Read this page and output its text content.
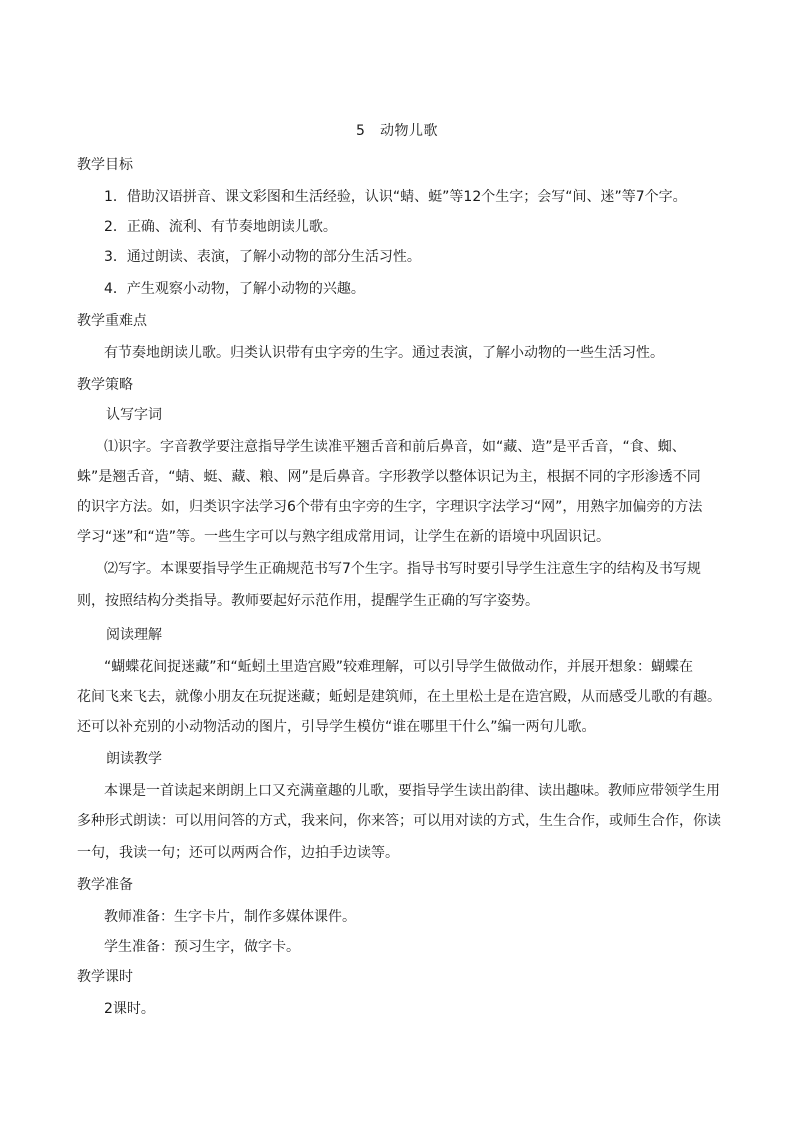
5　动物儿歌
教学目标
1．借助汉语拼音、课文彩图和生活经验，认识“蜻、蜓”等12个生字；会写“间、迷”等7个字。
2．正确、流利、有节奏地朗读儿歌。
3．通过朗读、表演，了解小动物的部分生活习性。
4．产生观察小动物，了解小动物的兴趣。
教学重难点
有节奏地朗读儿歌。归类认识带有虫字旁的生字。通过表演，了解小动物的一些生活习性。
教学策略
认写字词
⑴识字。字音教学要注意指导学生读准平翘舌音和前后鼻音，如“藏、造”是平舌音，“食、蜘、
蛛”是翘舌音，“蜻、蜓、藏、粮、网”是后鼻音。字形教学以整体识记为主，根据不同的字形渗透不同
的识字方法。如，归类识字法学习6个带有虫字旁的生字，字理识字法学习“网”，用熟字加偏旁的方法
学习“迷”和“造”等。一些生字可以与熟字组成常用词，让学生在新的语境中巩固识记。
⑵写字。本课要指导学生正确规范书写7个生字。指导书写时要引导学生注意生字的结构及书写规
则，按照结构分类指导。教师要起好示范作用，提醒学生正确的写字姿势。
阅读理解
“蝴蝶花间捉迷藏”和“蚯蚓土里造宫殿”较难理解，可以引导学生做做动作，并展开想象：蝴蝶在
花间飞来飞去，就像小朋友在玩捉迷藏；蚯蚓是建筑师，在土里松土是在造宫殿，从而感受儿歌的有趣。
还可以补充别的小动物活动的图片，引导学生模仿“谁在哪里干什么”编一两句儿歌。
朗读教学
本课是一首读起来朗朗上口又充满童趣的儿歌，要指导学生读出韵律、读出趣味。教师应带领学生用
多种形式朗读：可以用问答的方式，我来问，你来答；可以用对读的方式，生生合作，或师生合作，你读
一句，我读一句；还可以两两合作，边拍手边读等。
教学准备
教师准备：生字卡片，制作多媒体课件。
学生准备：预习生字，做字卡。
教学课时
2课时。
